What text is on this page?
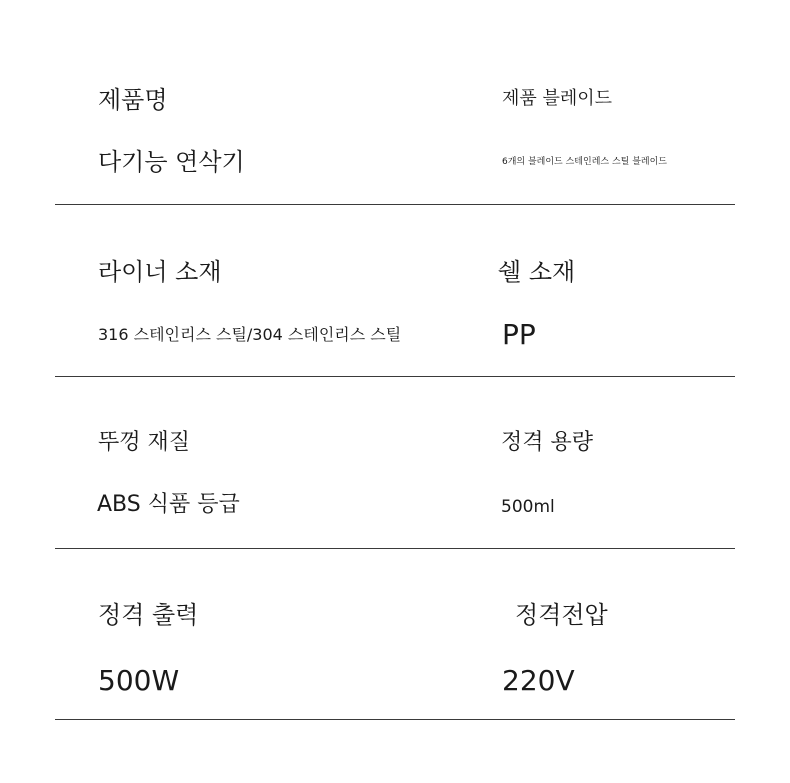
제품명
다기능 연삭기
제품 블레이드
6개의 블레이드 스테인레스 스틸 블레이드
라이너 소재
316 스테인리스 스틸/304 스테인리스 스틸
쉘 소재
PP
뚜껑 재질
ABS 식품 등급
정격 용량
500ml
정격 출력
500W
정격전압
220V
